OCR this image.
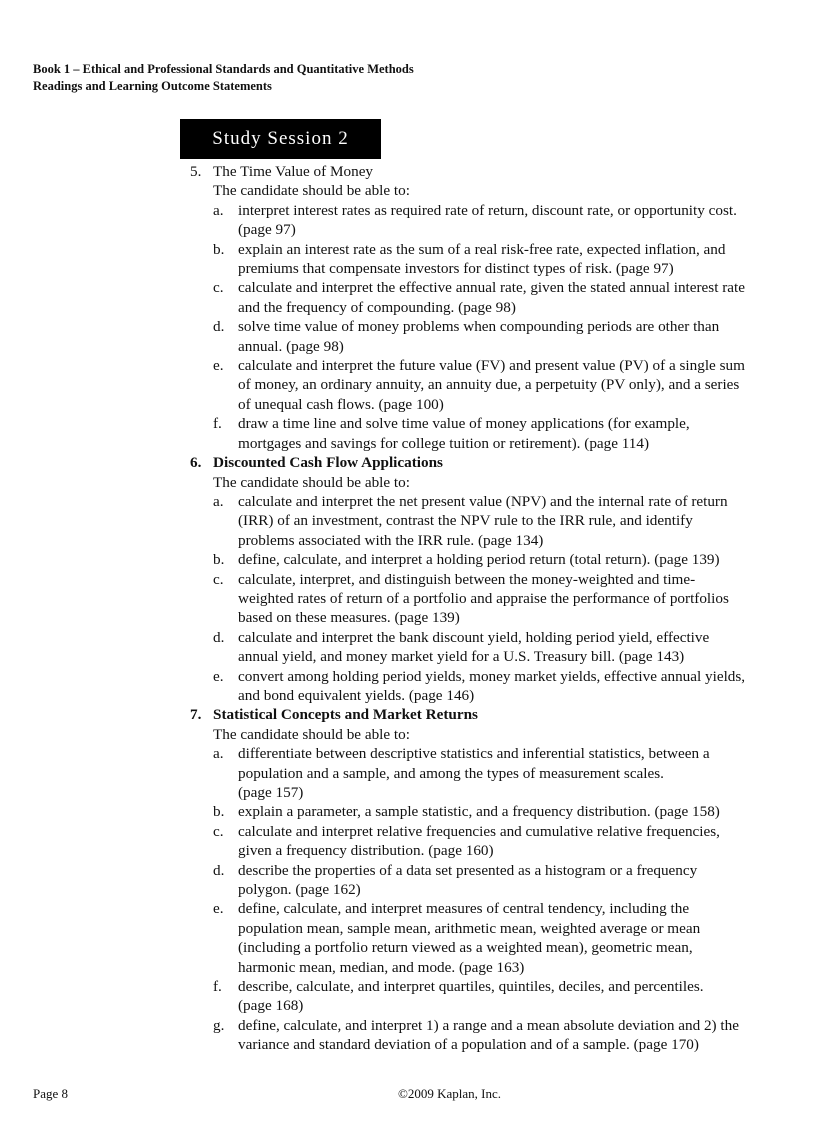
Book 1 – Ethical and Professional Standards and Quantitative Methods
Readings and Learning Outcome Statements
Study Session 2
5. The Time Value of Money
The candidate should be able to:
a. interpret interest rates as required rate of return, discount rate, or opportunity cost. (page 97)
b. explain an interest rate as the sum of a real risk-free rate, expected inflation, and premiums that compensate investors for distinct types of risk. (page 97)
c. calculate and interpret the effective annual rate, given the stated annual interest rate and the frequency of compounding. (page 98)
d. solve time value of money problems when compounding periods are other than annual. (page 98)
e. calculate and interpret the future value (FV) and present value (PV) of a single sum of money, an ordinary annuity, an annuity due, a perpetuity (PV only), and a series of unequal cash flows. (page 100)
f. draw a time line and solve time value of money applications (for example, mortgages and savings for college tuition or retirement). (page 114)
6. Discounted Cash Flow Applications
The candidate should be able to:
a. calculate and interpret the net present value (NPV) and the internal rate of return (IRR) of an investment, contrast the NPV rule to the IRR rule, and identify problems associated with the IRR rule. (page 134)
b. define, calculate, and interpret a holding period return (total return). (page 139)
c. calculate, interpret, and distinguish between the money-weighted and time-weighted rates of return of a portfolio and appraise the performance of portfolios based on these measures. (page 139)
d. calculate and interpret the bank discount yield, holding period yield, effective annual yield, and money market yield for a U.S. Treasury bill. (page 143)
e. convert among holding period yields, money market yields, effective annual yields, and bond equivalent yields. (page 146)
7. Statistical Concepts and Market Returns
The candidate should be able to:
a. differentiate between descriptive statistics and inferential statistics, between a population and a sample, and among the types of measurement scales.
(page 157)
b. explain a parameter, a sample statistic, and a frequency distribution. (page 158)
c. calculate and interpret relative frequencies and cumulative relative frequencies, given a frequency distribution. (page 160)
d. describe the properties of a data set presented as a histogram or a frequency polygon. (page 162)
e. define, calculate, and interpret measures of central tendency, including the population mean, sample mean, arithmetic mean, weighted average or mean (including a portfolio return viewed as a weighted mean), geometric mean, harmonic mean, median, and mode. (page 163)
f. describe, calculate, and interpret quartiles, quintiles, deciles, and percentiles.
(page 168)
g. define, calculate, and interpret 1) a range and a mean absolute deviation and 2) the variance and standard deviation of a population and of a sample. (page 170)
Page 8	©2009 Kaplan, Inc.
